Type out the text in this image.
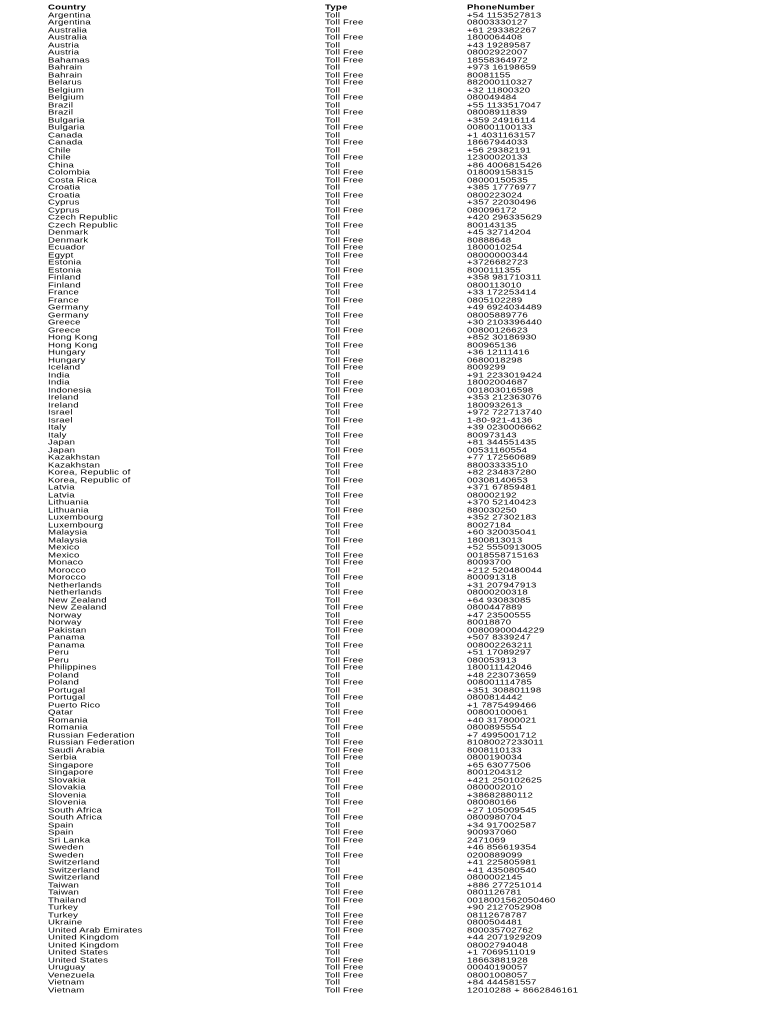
Country	Type	PhoneNumber
Argentina	Toll	+54 1153527813
Argentina	Toll Free	08003330127
Australia	Toll	+61 293382267
Australia	Toll Free	1800064408
Austria	Toll	+43 19289587
Austria	Toll Free	08002922007
Bahamas	Toll Free	18558364972
Bahrain	Toll	+973 16198659
Bahrain	Toll Free	80081155
Belarus	Toll Free	882000110327
Belgium	Toll	+32 11800320
Belgium	Toll Free	080049484
Brazil	Toll	+55 1133517047
Brazil	Toll Free	08008911839
Bulgaria	Toll	+359 24916114
Bulgaria	Toll Free	008001100133
Canada	Toll	+1 4031163157
Canada	Toll Free	18667944033
Chile	Toll	+56 29382191
Chile	Toll Free	12300020133
China	Toll	+86 4006815426
Colombia	Toll Free	018009158315
Costa Rica	Toll Free	08000150535
Croatia	Toll	+385 17776977
Croatia	Toll Free	0800223024
Cyprus	Toll	+357 22030496
Cyprus	Toll Free	080096172
Czech Republic	Toll	+420 296335629
Czech Republic	Toll Free	800143135
Denmark	Toll	+45 32714204
Denmark	Toll Free	80888648
Ecuador	Toll Free	1800010254
Egypt	Toll Free	08000000344
Estonia	Toll	+3726682723
Estonia	Toll Free	8000111355
Finland	Toll	+358 981710311
Finland	Toll Free	0800113010
France	Toll	+33 172253414
France	Toll Free	0805102289
Germany	Toll	+49 6924034489
Germany	Toll Free	08005889776
Greece	Toll	+30 2103396440
Greece	Toll Free	00800126623
Hong Kong	Toll	+852 30186930
Hong Kong	Toll Free	800965136
Hungary	Toll	+36 12111416
Hungary	Toll Free	0680018298
Iceland	Toll Free	8009299
India	Toll	+91 2233019424
India	Toll Free	18002004687
Indonesia	Toll Free	001803016598
Ireland	Toll	+353 212363076
Ireland	Toll Free	1800932613
Israel	Toll	+972 722713740
Israel	Toll Free	1-80-921-4136
Italy	Toll	+39 0230006662
Italy	Toll Free	800973143
Japan	Toll	+81 344551435
Japan	Toll Free	00531160554
Kazakhstan	Toll	+77 172560689
Kazakhstan	Toll Free	88003333510
Korea, Republic of	Toll	+82 234837280
Korea, Republic of	Toll Free	00308140653
Latvia	Toll	+371 67859481
Latvia	Toll Free	080002192
Lithuania	Toll	+370 52140423
Lithuania	Toll Free	880030250
Luxembourg	Toll	+352 27302183
Luxembourg	Toll Free	80027184
Malaysia	Toll	+60 320035041
Malaysia	Toll Free	1800813013
Mexico	Toll	+52 5550913005
Mexico	Toll Free	0018558715163
Monaco	Toll Free	80093700
Morocco	Toll	+212 520480044
Morocco	Toll Free	800091318
Netherlands	Toll	+31 207947913
Netherlands	Toll Free	08000200318
New Zealand	Toll	+64 93083085
New Zealand	Toll Free	0800447889
Norway	Toll	+47 23500555
Norway	Toll Free	80018870
Pakistan	Toll Free	00800900044229
Panama	Toll	+507 8339247
Panama	Toll Free	008002263211
Peru	Toll	+51 17089297
Peru	Toll Free	080053913
Philippines	Toll Free	180011142046
Poland	Toll	+48 223073659
Poland	Toll Free	008001114785
Portugal	Toll	+351 308801198
Portugal	Toll Free	0800814442
Puerto Rico	Toll	+1 7875499466
Qatar	Toll Free	00800100061
Romania	Toll	+40 317800021
Romania	Toll Free	0800895554
Russian Federation	Toll	+7 4995001712
Russian Federation	Toll Free	81080027233011
Saudi Arabia	Toll Free	8008110133
Serbia	Toll Free	0800190034
Singapore	Toll	+65 63077506
Singapore	Toll Free	8001204312
Slovakia	Toll	+421 250102625
Slovakia	Toll Free	0800002010
Slovenia	Toll	+38682880112
Slovenia	Toll Free	080080166
South Africa	Toll	+27 105009545
South Africa	Toll Free	0800980704
Spain	Toll	+34 917002587
Spain	Toll Free	900937060
Sri Lanka	Toll Free	2471069
Sweden	Toll	+46 856619354
Sweden	Toll Free	0200889099
Switzerland	Toll	+41 225805981
Switzerland	Toll	+41 435080540
Switzerland	Toll Free	0800002145
Taiwan	Toll	+886 277251014
Taiwan	Toll Free	0801126781
Thailand	Toll Free	0018001562050460
Turkey	Toll	+90 2127052908
Turkey	Toll Free	08112678787
Ukraine	Toll Free	0800504481
United Arab Emirates	Toll Free	800035702762
United Kingdom	Toll	+44 2071929209
United Kingdom	Toll Free	08002794048
United States	Toll	+1 7069511019
United States	Toll Free	18663881928
Uruguay	Toll Free	00040190057
Venezuela	Toll Free	08001008057
Vietnam	Toll	+84 444581557
Vietnam	Toll Free	12010288 + 8662846161
